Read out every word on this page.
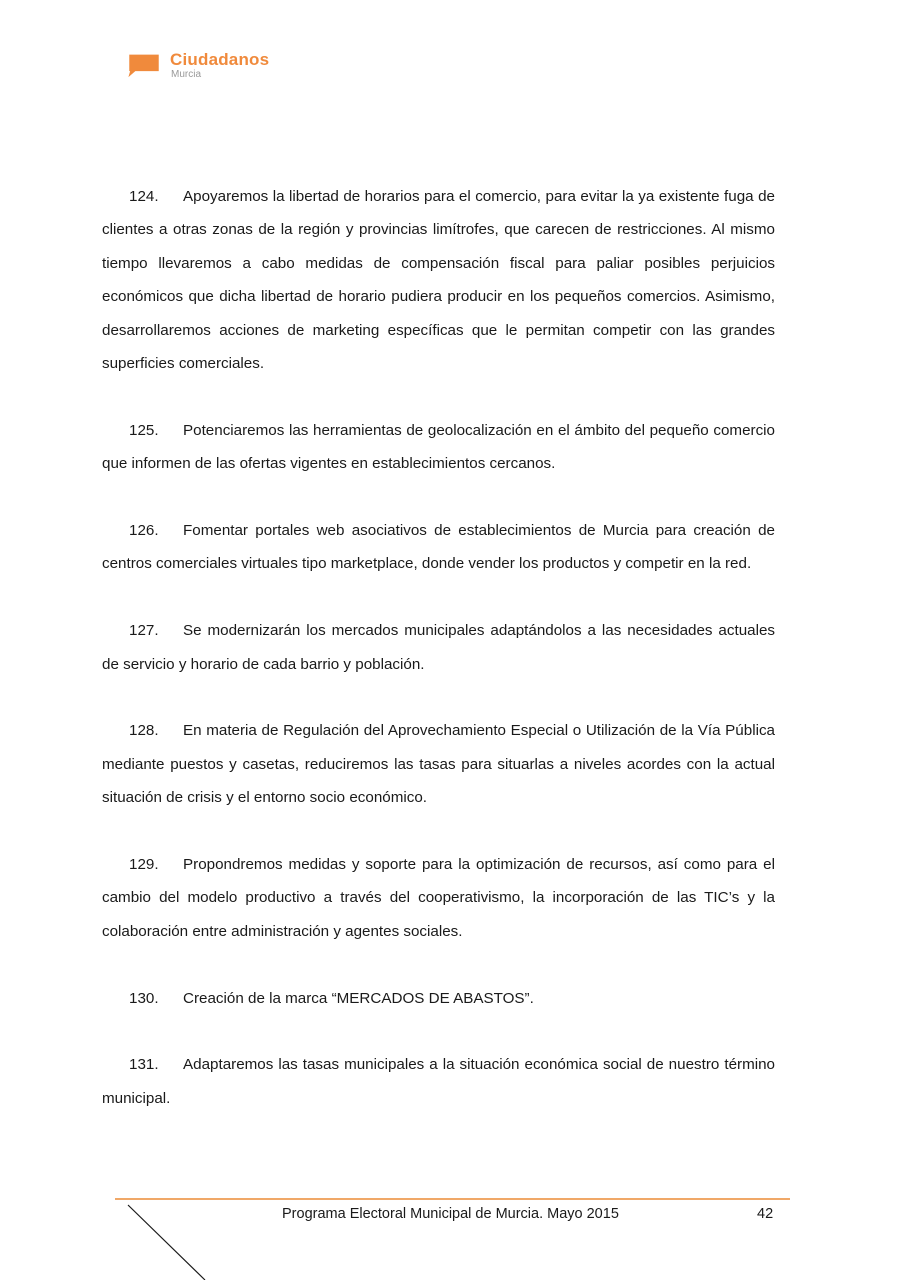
Ciudadanos
Murcia

124. Apoyaremos la libertad de horarios para el comercio, para evitar la ya existente fuga de clientes a otras zonas de la región y provincias limítrofes, que carecen de restricciones. Al mismo tiempo llevaremos a cabo medidas de compensación fiscal para paliar posibles perjuicios económicos que dicha libertad de horario pudiera producir en los pequeños comercios. Asimismo, desarrollaremos acciones de marketing específicas que le permitan competir con las grandes superficies comerciales.

125. Potenciaremos las herramientas de geolocalización en el ámbito del pequeño comercio que informen de las ofertas vigentes en establecimientos cercanos.

126. Fomentar portales web asociativos de establecimientos de Murcia para creación de centros comerciales virtuales tipo marketplace, donde vender los productos y competir en la red.

127. Se modernizarán los mercados municipales adaptándolos a las necesidades actuales de servicio y horario de cada barrio y población.

128. En materia de Regulación del Aprovechamiento Especial o Utilización de la Vía Pública mediante puestos y casetas, reduciremos las tasas para situarlas a niveles acordes con la actual situación de crisis y el entorno socio económico.

129. Propondremos medidas y soporte para la optimización de recursos, así como para el cambio del modelo productivo a través del cooperativismo, la incorporación de las TIC’s y la colaboración entre administración y agentes sociales.

130. Creación de la marca “MERCADOS DE ABASTOS”.

131. Adaptaremos las tasas municipales a la situación económica social de nuestro término municipal.

Programa Electoral Municipal de Murcia. Mayo 2015	42
